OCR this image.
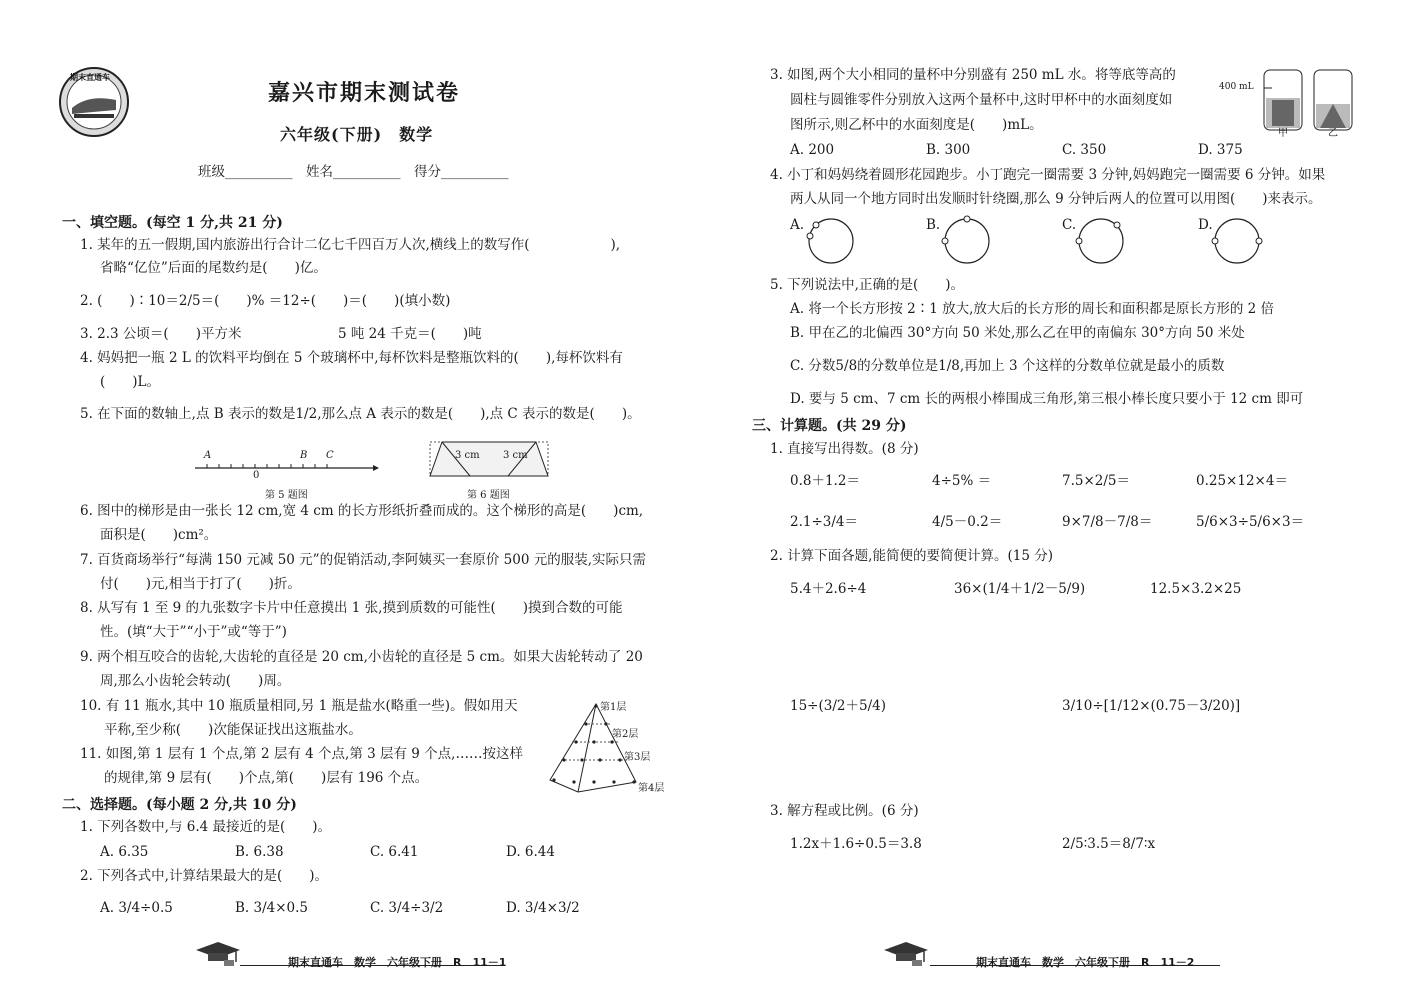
期末直通车
嘉兴市期末测试卷
六年级(下册)　数学
班级__________　姓名__________　得分__________
一、填空题。(每空 1 分,共 21 分)
1. 某年的五一假期,国内旅游出行合计二亿七千四百万人次,横线上的数写作(　　　　　　),
省略“亿位”后面的尾数约是(　　)亿。
2. (　　)∶10＝2/5＝(　　)% ＝12÷(　　)＝(　　)(填小数)
3. 2.3 公顷＝(　　)平方米	5 吨 24 千克＝(　　)吨
4. 妈妈把一瓶 2 L 的饮料平均倒在 5 个玻璃杯中,每杯饮料是整瓶饮料的(　　),每杯饮料有
(　　)L。
5. 在下面的数轴上,点 B 表示的数是1/2,那么点 A 表示的数是(　　),点 C 表示的数是(　　)。
A
0
B C
第 5 题图
3 cm 3 cm
第 6 题图
6. 图中的梯形是由一张长 12 cm,宽 4 cm 的长方形纸折叠而成的。这个梯形的高是(　　)cm,
面积是(　　)cm²。
7. 百货商场举行“每满 150 元减 50 元”的促销活动,李阿姨买一套原价 500 元的服装,实际只需
付(　　)元,相当于打了(　　)折。
8. 从写有 1 至 9 的九张数字卡片中任意摸出 1 张,摸到质数的可能性(　　)摸到合数的可能
性。(填“大于”“小于”或“等于”)
9. 两个相互咬合的齿轮,大齿轮的直径是 20 cm,小齿轮的直径是 5 cm。如果大齿轮转动了 20
周,那么小齿轮会转动(　　)周。
10. 有 11 瓶水,其中 10 瓶质量相同,另 1 瓶是盐水(略重一些)。假如用天
平称,至少称(　　)次能保证找出这瓶盐水。
11. 如图,第 1 层有 1 个点,第 2 层有 4 个点,第 3 层有 9 个点,……按这样
的规律,第 9 层有(　　)个点,第(　　)层有 196 个点。
第1层
第2层
第3层
第4层
二、选择题。(每小题 2 分,共 10 分)
1. 下列各数中,与 6.4 最接近的是(　　)。
A. 6.35	B. 6.38	C. 6.41	D. 6.44
2. 下列各式中,计算结果最大的是(　　)。
A. 3/4÷0.5	B. 3/4×0.5	C. 3/4÷3/2	D. 3/4×3/2
期末直通车　数学　六年级下册　R　11－1
3. 如图,两个大小相同的量杯中分别盛有 250 mL 水。将等底等高的
圆柱与圆锥零件分别放入这两个量杯中,这时甲杯中的水面刻度如
图所示,则乙杯中的水面刻度是(　　)mL。
400 mL
甲	乙
A. 200	B. 300	C. 350	D. 375
4. 小丁和妈妈绕着圆形花园跑步。小丁跑完一圈需要 3 分钟,妈妈跑完一圈需要 6 分钟。如果
两人从同一个地方同时出发顺时针绕圈,那么 9 分钟后两人的位置可以用图(　　)来表示。
A.	B.	C.	D.
5. 下列说法中,正确的是(　　)。
A. 将一个长方形按 2∶1 放大,放大后的长方形的周长和面积都是原长方形的 2 倍
B. 甲在乙的北偏西 30°方向 50 米处,那么乙在甲的南偏东 30°方向 50 米处
C. 分数5/8的分数单位是1/8,再加上 3 个这样的分数单位就是最小的质数
D. 要与 5 cm、7 cm 长的两根小棒围成三角形,第三根小棒长度只要小于 12 cm 即可
三、计算题。(共 29 分)
1. 直接写出得数。(8 分)
0.8＋1.2＝	4÷5% ＝	7.5×2/5＝	0.25×12×4＝
2.1÷3/4＝	4/5－0.2＝	9×7/8－7/8＝	5/6×3÷5/6×3＝
2. 计算下面各题,能简便的要简便计算。(15 分)
5.4＋2.6÷4	36×(1/4＋1/2－5/9)	12.5×3.2×25
15÷(3/2＋5/4)	3/10÷[1/12×(0.75－3/20)]
3. 解方程或比例。(6 分)
1.2x＋1.6÷0.5＝3.8	2/5∶3.5＝8/7∶x
期末直通车　数学　六年级下册　R　11－2
